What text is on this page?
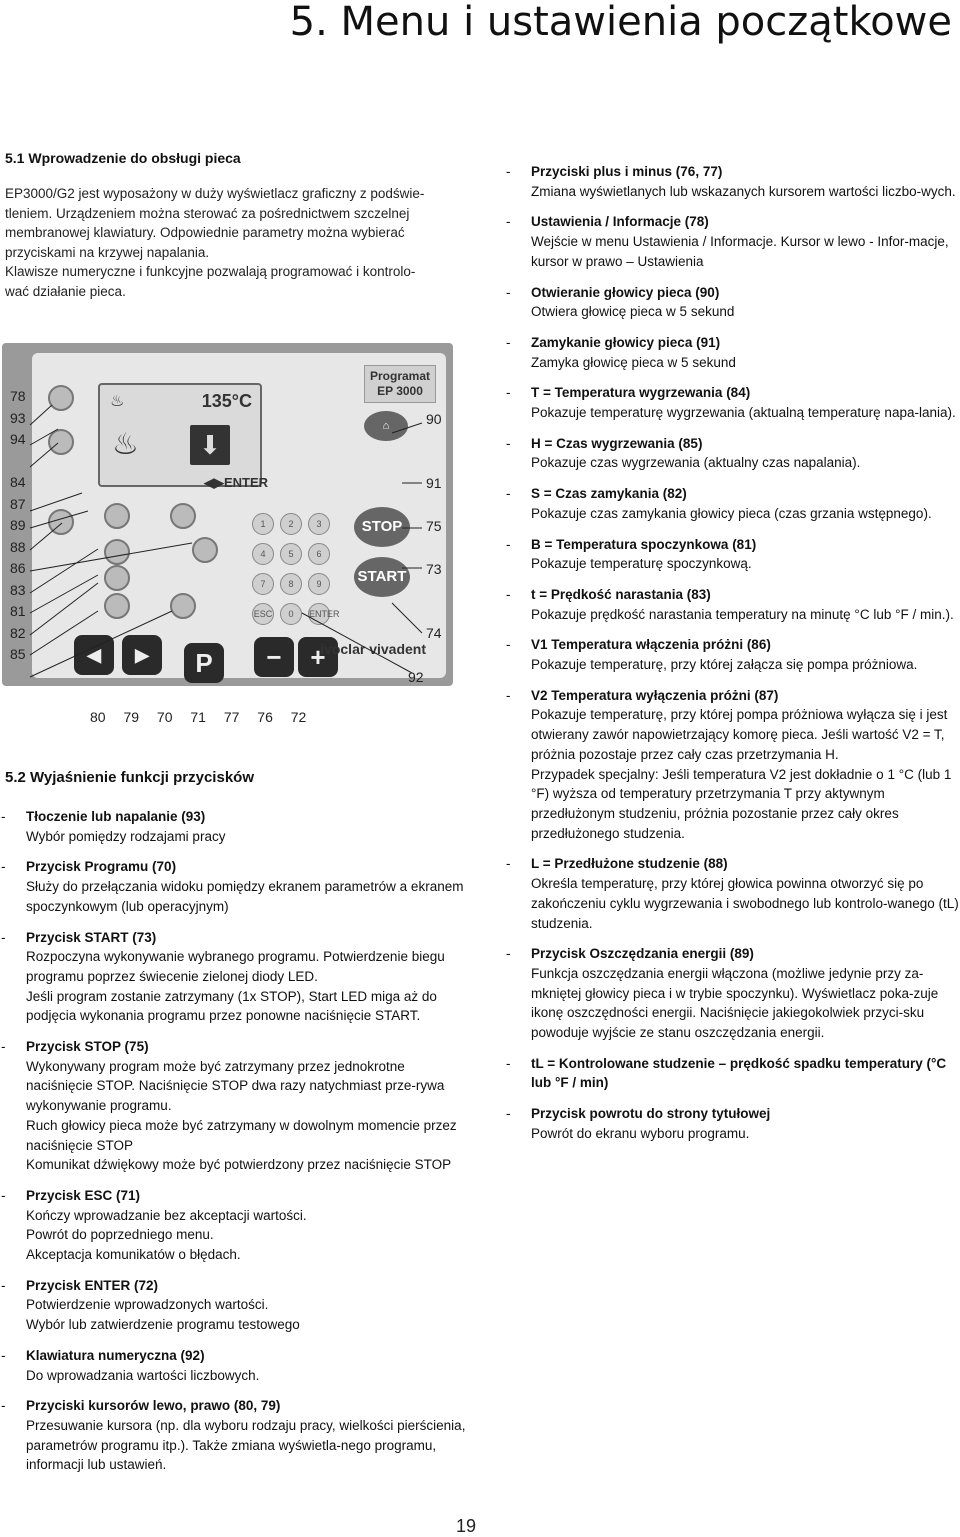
5. Menu i ustawienia początkowe
5.1 Wprowadzenie do obsługi pieca

EP3000/G2 jest wyposażony w duży wyświetlacz graficzny z podświe-

tleniem. Urządzeniem można sterować za pośrednictwem szczelnej

membranowej klawiatury. Odpowiednie parametry można wybierać

przyciskami na krzywej napalania.

Klawisze numeryczne i funkcyjne pozwalają programować i kontrolo-

wać działanie pieca.

Programat EP 3000
♨	135°C
♨	⬇
◀▶ENTER
1	2	3
4	5	6
7	8	9
ESC	0	ENTER
⌂
STOP
START
◀	▶	P	−	+
ivoclar vivadent
78
93
94
84
87
89
88
86
83
81
82
85
90
91
75
73
74
92
80 79 70 71 77 76 72
5.2 Wyjaśnienie funkcji przycisków
- Tłoczenie lub napalanie (93)
Wybór pomiędzy rodzajami pracy
- Przycisk Programu (70)
Służy do przełączania widoku pomiędzy ekranem parametrów a ekranem spoczynkowym (lub operacyjnym)
- Przycisk START (73)
Rozpoczyna wykonywanie wybranego programu. Potwierdzenie biegu programu poprzez świecenie zielonej diody LED.
Jeśli program zostanie zatrzymany (1x STOP), Start LED miga aż do podjęcia wykonania programu przez ponowne naciśnięcie START.
- Przycisk STOP (75)
Wykonywany program może być zatrzymany przez jednokrotne naciśnięcie STOP. Naciśnięcie STOP dwa razy natychmiast prze-rywa wykonywanie programu.
Ruch głowicy pieca może być zatrzymany w dowolnym momencie przez naciśnięcie STOP
Komunikat dźwiękowy może być potwierdzony przez naciśnięcie STOP
- Przycisk ESC (71)
Kończy wprowadzanie bez akceptacji wartości.
Powrót do poprzedniego menu.
Akceptacja komunikatów o błędach.
- Przycisk ENTER (72)
Potwierdzenie wprowadzonych wartości.
Wybór lub zatwierdzenie programu testowego
- Klawiatura numeryczna (92)
Do wprowadzania wartości liczbowych.
- Przyciski kursorów lewo, prawo (80, 79)
Przesuwanie kursora (np. dla wyboru rodzaju pracy, wielkości pierścienia, parametrów programu itp.). Także zmiana wyświetla-nego programu, informacji lub ustawień.
- Przyciski plus i minus (76, 77)
Zmiana wyświetlanych lub wskazanych kursorem wartości liczbo-wych.
- Ustawienia / Informacje (78)
Wejście w menu Ustawienia / Informacje. Kursor w lewo - Infor-macje, kursor w prawo – Ustawienia
- Otwieranie głowicy pieca (90)
Otwiera głowicę pieca w 5 sekund
- Zamykanie głowicy pieca (91)
Zamyka głowicę pieca w 5 sekund
- T = Temperatura wygrzewania (84)
Pokazuje temperaturę wygrzewania (aktualną temperaturę napa-lania).
- H = Czas wygrzewania (85)
Pokazuje czas wygrzewania (aktualny czas napalania).
- S = Czas zamykania (82)
Pokazuje czas zamykania głowicy pieca (czas grzania wstępnego).
- B = Temperatura spoczynkowa (81)
Pokazuje temperaturę spoczynkową.
- t = Prędkość narastania (83)
Pokazuje prędkość narastania temperatury na minutę °C lub °F / min.).
- V1 Temperatura włączenia próżni (86)
Pokazuje temperaturę, przy której załącza się pompa próżniowa.
- V2 Temperatura wyłączenia próżni (87)
Pokazuje temperaturę, przy której pompa próżniowa wyłącza się i jest otwierany zawór napowietrzający komorę pieca. Jeśli wartość V2 = T, próżnia pozostaje przez cały czas przetrzymania H.
Przypadek specjalny: Jeśli temperatura V2 jest dokładnie o 1 °C (lub 1 °F) wyższa od temperatury przetrzymania T przy aktywnym przedłużonym studzeniu, próżnia pozostanie przez cały okres przedłużonego studzenia.
- L = Przedłużone studzenie (88)
Określa temperaturę, przy której głowica powinna otworzyć się po zakończeniu cyklu wygrzewania i swobodnego lub kontrolo-wanego (tL) studzenia.
- Przycisk Oszczędzania energii (89)
Funkcja oszczędzania energii włączona (możliwe jedynie przy za-mkniętej głowicy pieca i w trybie spoczynku). Wyświetlacz poka-zuje ikonę oszczędności energii. Naciśnięcie jakiegokolwiek przyci-sku powoduje wyjście ze stanu oszczędzania energii.
- tL = Kontrolowane studzenie – prędkość spadku temperatury (°C lub °F / min)
- Przycisk powrotu do strony tytułowej
Powrót do ekranu wyboru programu.
19
